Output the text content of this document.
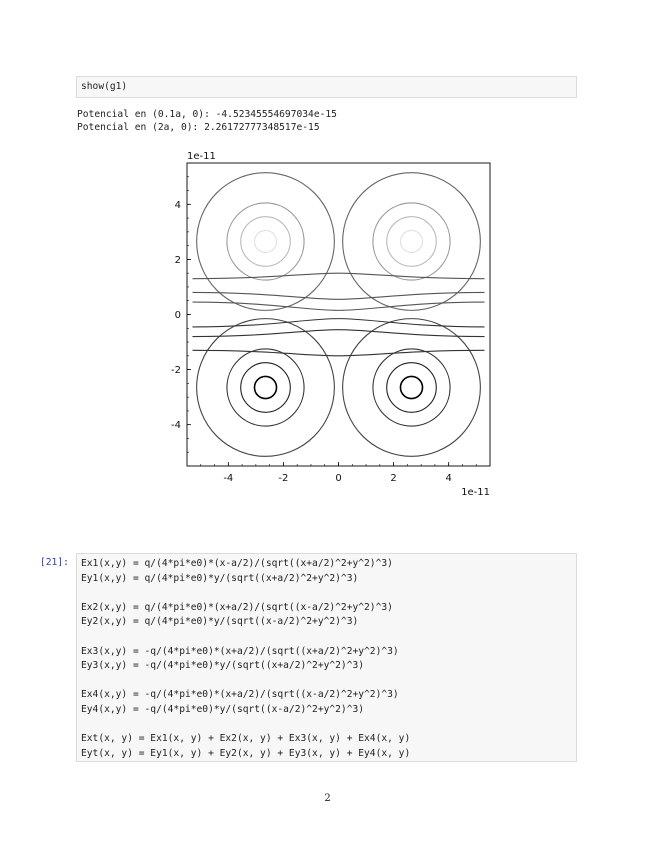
show(g1)
Potencial en (0.1a, 0): -4.52345554697034e-15
Potencial en (2a, 0): 2.26172777348517e-15
-4	-2	0	2	4
-4
-2
0
2
4
1e-11
1e-11
[21]: Ex1(x,y) = q/(4*pi*e0)*(x-a/2)/(sqrt((x+a/2)^2+y^2)^3)
Ey1(x,y) = q/(4*pi*e0)*y/(sqrt((x+a/2)^2+y^2)^3)
Ex2(x,y) = q/(4*pi*e0)*(x+a/2)/(sqrt((x-a/2)^2+y^2)^3)
Ey2(x,y) = q/(4*pi*e0)*y/(sqrt((x-a/2)^2+y^2)^3)
Ex3(x,y) = -q/(4*pi*e0)*(x+a/2)/(sqrt((x+a/2)^2+y^2)^3)
Ey3(x,y) = -q/(4*pi*e0)*y/(sqrt((x+a/2)^2+y^2)^3)
Ex4(x,y) = -q/(4*pi*e0)*(x+a/2)/(sqrt((x-a/2)^2+y^2)^3)
Ey4(x,y) = -q/(4*pi*e0)*y/(sqrt((x-a/2)^2+y^2)^3)
Ext(x, y) = Ex1(x, y) + Ex2(x, y) + Ex3(x, y) + Ex4(x, y)
Eyt(x, y) = Ey1(x, y) + Ey2(x, y) + Ey3(x, y) + Ey4(x, y)
2
